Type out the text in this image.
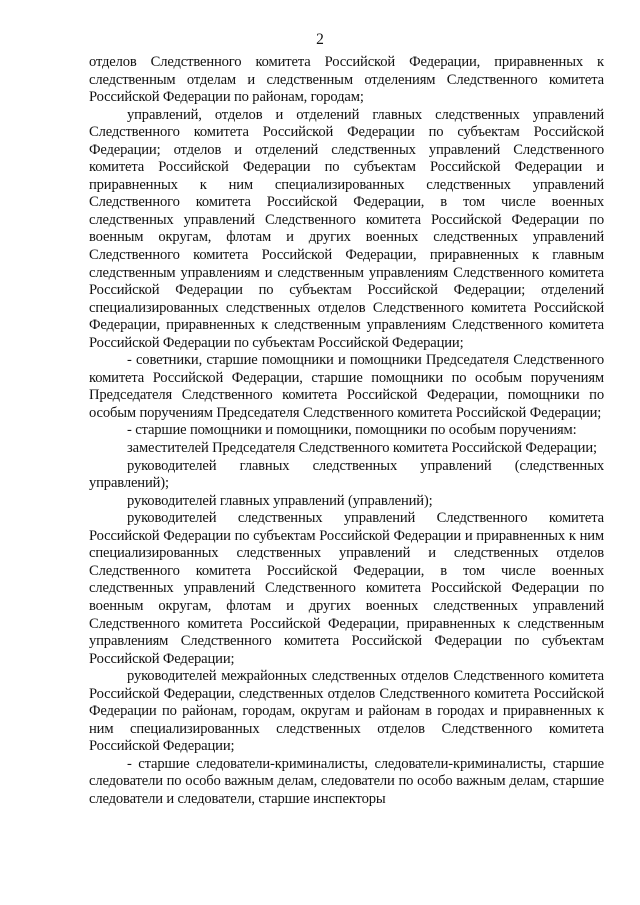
2

отделов Следственного комитета Российской Федерации, приравненных к следственным отделам и следственным отделениям Следственного комитета Российской Федерации по районам, городам;

управлений, отделов и отделений главных следственных управлений Следственного комитета Российской Федерации по субъектам Российской Федерации; отделов и отделений следственных управлений Следственного комитета Российской Федерации по субъектам Российской Федерации и приравненных к ним специализированных следственных управлений Следственного комитета Российской Федерации, в том числе военных следственных управлений Следственного комитета Российской Федерации по военным округам, флотам и других военных следственных управлений Следственного комитета Российской Федерации, приравненных к главным следственным управлениям и следственным управлениям Следственного комитета Российской Федерации по субъектам Российской Федерации; отделений специализированных следственных отделов Следственного комитета Российской Федерации, приравненных к следственным управлениям Следственного комитета Российской Федерации по субъектам Российской Федерации;

- советники, старшие помощники и помощники Председателя Следственного комитета Российской Федерации, старшие помощники по особым поручениям Председателя Следственного комитета Российской Федерации, помощники по особым поручениям Председателя Следственного комитета Российской Федерации;

- старшие помощники и помощники, помощники по особым поручениям:

заместителей Председателя Следственного комитета Российской Федерации;

руководителей главных следственных управлений (следственных управлений);

руководителей главных управлений (управлений);

руководителей следственных управлений Следственного комитета Российской Федерации по субъектам Российской Федерации и приравненных к ним специализированных следственных управлений и следственных отделов Следственного комитета Российской Федерации, в том числе военных следственных управлений Следственного комитета Российской Федерации по военным округам, флотам и других военных следственных управлений Следственного комитета Российской Федерации, приравненных к следственным управлениям Следственного комитета Российской Федерации по субъектам Российской Федерации;

руководителей межрайонных следственных отделов Следственного комитета Российской Федерации, следственных отделов Следственного комитета Российской Федерации по районам, городам, округам и районам в городах и приравненных к ним специализированных следственных отделов Следственного комитета Российской Федерации;

- старшие следователи-криминалисты, следователи-криминалисты, старшие следователи по особо важным делам, следователи по особо важным делам, старшие следователи и следователи, старшие инспекторы
